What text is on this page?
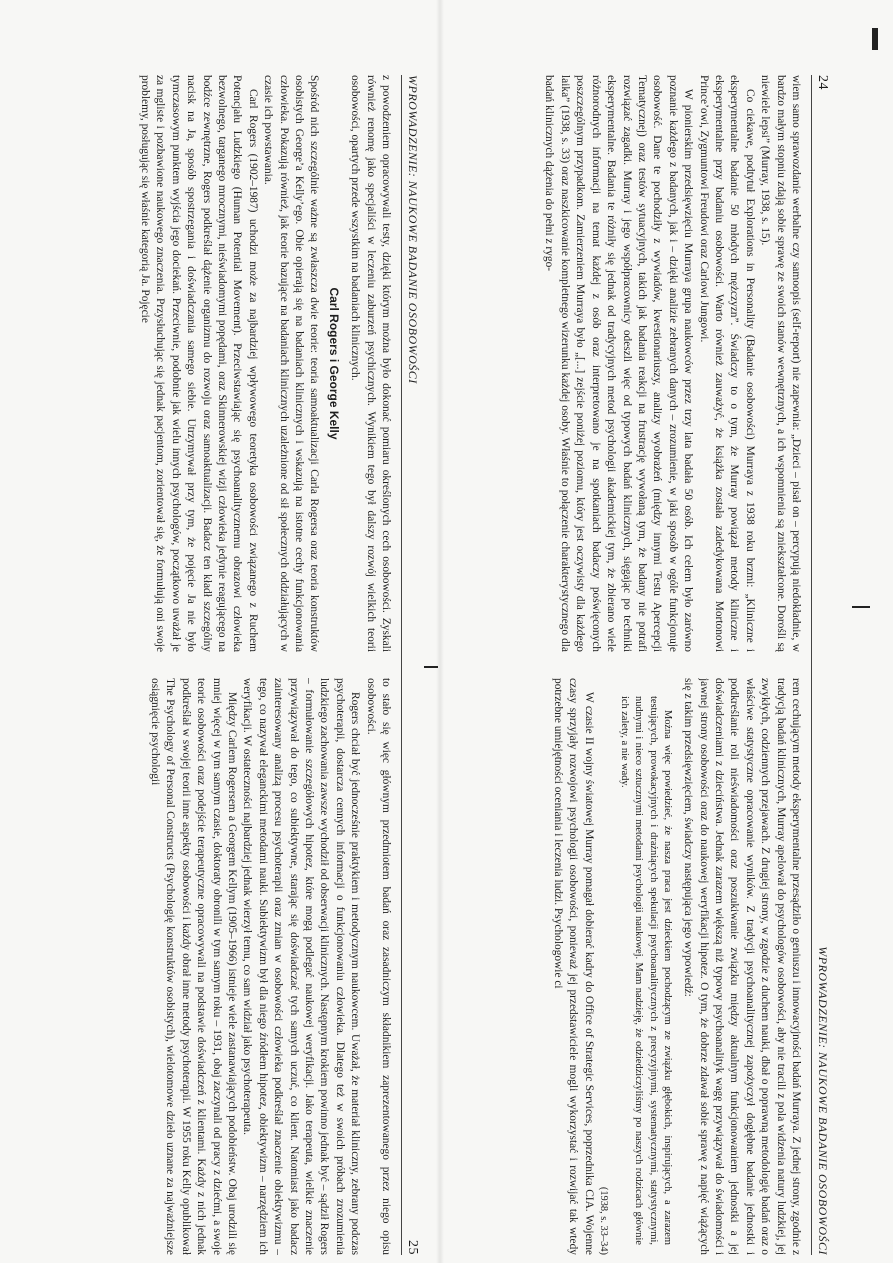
24
WPROWADZENIE: NAUKOWE BADANIE OSOBOWOŚCI

wiem samo sprawozdanie werbalne czy samoopis (self-report) nie zapewnia: „Dzieci – pisał on – percypują niedokładnie, w bardzo małym stopniu zdają sobie sprawę ze swoich stanów wewnętrznych, a ich wspomnienia są zniekształcone. Dorośli są niewiele lepsi” (Murray, 1938, s. 15).

Co ciekawe, podtytuł Explorations in Personality (Badanie osobowości) Murraya z 1938 roku brzmi: „Kliniczne i eksperymentalne badanie 50 młodych mężczyzn”. Świadczy to o tym, że Murray powiązał metody kliniczne i eksperymentalne przy badaniu osobowości. Warto również zauważyć, że książka została zadedykowana Mortonowi Prince’owi, Zygmuntowi Freudowi oraz Carlowi Jungowi.

W pionierskim przedsięwzięciu Murraya grupa naukowców przez trzy lata badała 50 osób. Ich celem było zarówno poznanie każdego z badanych, jak i – dzięki analizie zebranych danych – zrozumienie, w jaki sposób w ogóle funkcjonuje osobowość. Dane te pochodziły z wywiadów, kwestionariuszy, analizy wyobrażeń (między innymi Testu Apercepcji Tematycznej) oraz testów sytuacyjnych, takich jak badania reakcji na frustrację wywołaną tym, że badany nie potrafi rozwiązać zagadki. Murray i jego współpracownicy odeszli więc od typowych badań klinicznych, sięgając po techniki eksperymentalne. Badania te różniły się jednak od tradycyjnych metod psychologii akademickiej tym, że zbierano wiele różnorodnych informacji na temat każdej z osób oraz interpretowano je na spotkaniach badaczy poświęconych poszczególnym przypadkom. Zamierzeniem Murraya było „[...] zejście poniżej poziomu, który jest oczywisty dla każdego laika” (1938, s. 33) oraz naszkicowanie kompletnego wizerunku każdej osoby. Właśnie to połączenie charakterystycznego dla badań klinicznych dążenia do pełni z rygo-

rem cechującym metody eksperymentalne przesądziło o geniuszu i innowacyjności badań Murraya. Z jednej strony, zgodnie z tradycją badań klinicznych, Murray apelował do psychologów osobowości, aby nie tracili z pola widzenia natury ludzkiej, jej zwykłych, codziennych przejawach. Z drugiej strony, w zgodzie z duchem nauki, dbał o poprawną metodologię badań oraz o właściwe statystyczne opracowanie wyników. Z tradycji psychoanalitycznej zapożyczył dogłębne badanie jednostki i podkreślanie roli nieświadomości oraz poszukiwanie związku między aktualnym funkcjonowaniem jednostki a jej doświadczeniami z dzieciństwa. Jednak zarazem większą niż typowy psychoanalityk wagę przywiązywał do świadomości i jawnej strony osobowości oraz do naukowej weryfikacji hipotez. O tym, że dobrze zdawał sobie sprawę z napięć wiążących się z takim przedsięwzięciem, świadczy następująca jego wypowiedź:

Można więc powiedzieć, że nasza praca jest dzieckiem pochodzącym ze związku głębokich, inspirujących, a zarazem testujących, prowokacyjnych i drażniących spekulacji psychoanalitycznych z precyzyjnymi, systematycznymi, statystycznymi, nudnymi i nieco sztucznymi metodami psychologii naukowej. Mam nadzieję, że odziedziczyliśmy po naszych rodzicach głównie ich zalety, a nie wady.

(1938, s. 33–34)

W czasie II wojny światowej Murray pomagał dobierać kadry do Office of Strategic Services, poprzednika CIA. Wojenne czasy sprzyjały rozwojowi psychologii osobowości, ponieważ jej przedstawiciele mogli wykorzystać i rozwijać tak wtedy potrzebne umiejętności oceniania i leczenia ludzi. Psychologowie ci

WPROWADZENIE: NAUKOWE BADANIE OSOBOWOŚCI
25

z powodzeniem opracowywali testy, dzięki którym można było dokonać pomiaru określonych cech osobowości. Zyskali również renomę jako specjaliści w leczeniu zaburzeń psychicznych. Wynikiem tego był dalszy rozwój wielkich teorii osobowości, opartych przede wszystkim na badaniach klinicznych.

Carl Rogers i George Kelly

Spośród nich szczególnie ważne są zwłaszcza dwie teorie: teoria samoaktualizacji Carla Rogersa oraz teoria konstruktów osobistych George’a Kelly’ego. Obie opierają się na badaniach klinicznych i wskazują na istotne cechy funkcjonowania człowieka. Pokazują również, jak teorie bazujące na badaniach klinicznych uzależnione od sił społecznych oddziałujących w czasie ich powstawania.

Carl Rogers (1902–1987) uchodzi może za najbardziej wpływowego teoretyka osobowości związanego z Ruchem Potencjału Ludzkiego (Human Potential Movement). Przeciwstawiając się psychoanalitycznemu obrazowi człowieka bezwolnego, targanego mrocznymi, nieświadomymi popędami, oraz Skinnerowskiej wizji człowieka jedynie reagującego na bodźce zewnętrzne, Rogers podkreślał dążenie organizmu do rozwoju oraz samoaktualizacji. Badacz ten kładł szczególny nacisk na Ja, sposób spostrzegania i doświadczania samego siebie. Utrzymywał przy tym, że pojęcie Ja nie było tymczasowym punktem wyjścia jego dociekań. Przeciwnie, podobnie jak wielu innych psychologów, początkowo uważał je za mgliste i pozbawione naukowego znaczenia. Przysłuchując się jednak pacjentom, zorientował się, że formułują oni swoje problemy, posługując się właśnie kategorią Ja. Pojęcie

to stało się więc głównym przedmiotem badań oraz zasadniczym składnikiem zaprezentowanego przez niego opisu osobowości.

Rogers chciał być jednocześnie praktykiem i metodycznym naukowcem. Uważał, że materiał kliniczny, zebrany podczas psychoterapii, dostarcza cennych informacji o funkcjonowaniu człowieka. Dlatego też w swoich próbach zrozumienia ludzkiego zachowania zawsze wychodził od obserwacji klinicznych. Następnym krokiem powinno jednak być – sądził Rogers – formułowanie szczegółowych hipotez, które mogą podlegać naukowej weryfikacji. Jako terapeuta, wielkie znaczenie przywiązywał do tego, co subiektywne, starając się doświadczać tych samych uczuć, co klient. Natomiast jako badacz zainteresowany analizą procesu psychoterapii oraz zmian w osobowości człowieka podkreślał znaczenie obiektywizmu – tego, co nazywał eleganckimi metodami nauki. Subiektywizm był dla niego źródłem hipotez, obiektywizm – narzędziem ich weryfikacji. W ostateczności najbardziej jednak wierzył temu, co sam widział jako psychoterapeuta.

Między Carlem Rogersem a Georgem Kellym (1905–1966) istnieje wiele zastanawiających podobieństw. Obaj urodzili się mniej więcej w tym samym czasie, doktoraty obronili w tym samym roku – 1931, obaj zaczynali od pracy z dziećmi, a swoje teorie osobowości oraz podejście terapeutyczne opracowywali na podstawie doświadczeń z klientami. Każdy z nich jednak podkreślał w swojej teorii inne aspekty osobowości i każdy obrał inne metody psychoterapii. W 1955 roku Kelly opublikował The Psychology of Personal Constructs (Psychologię konstruktów osobistych), wielotomowe dzieło uznane za najważniejsze osiągnięcie psychologii
